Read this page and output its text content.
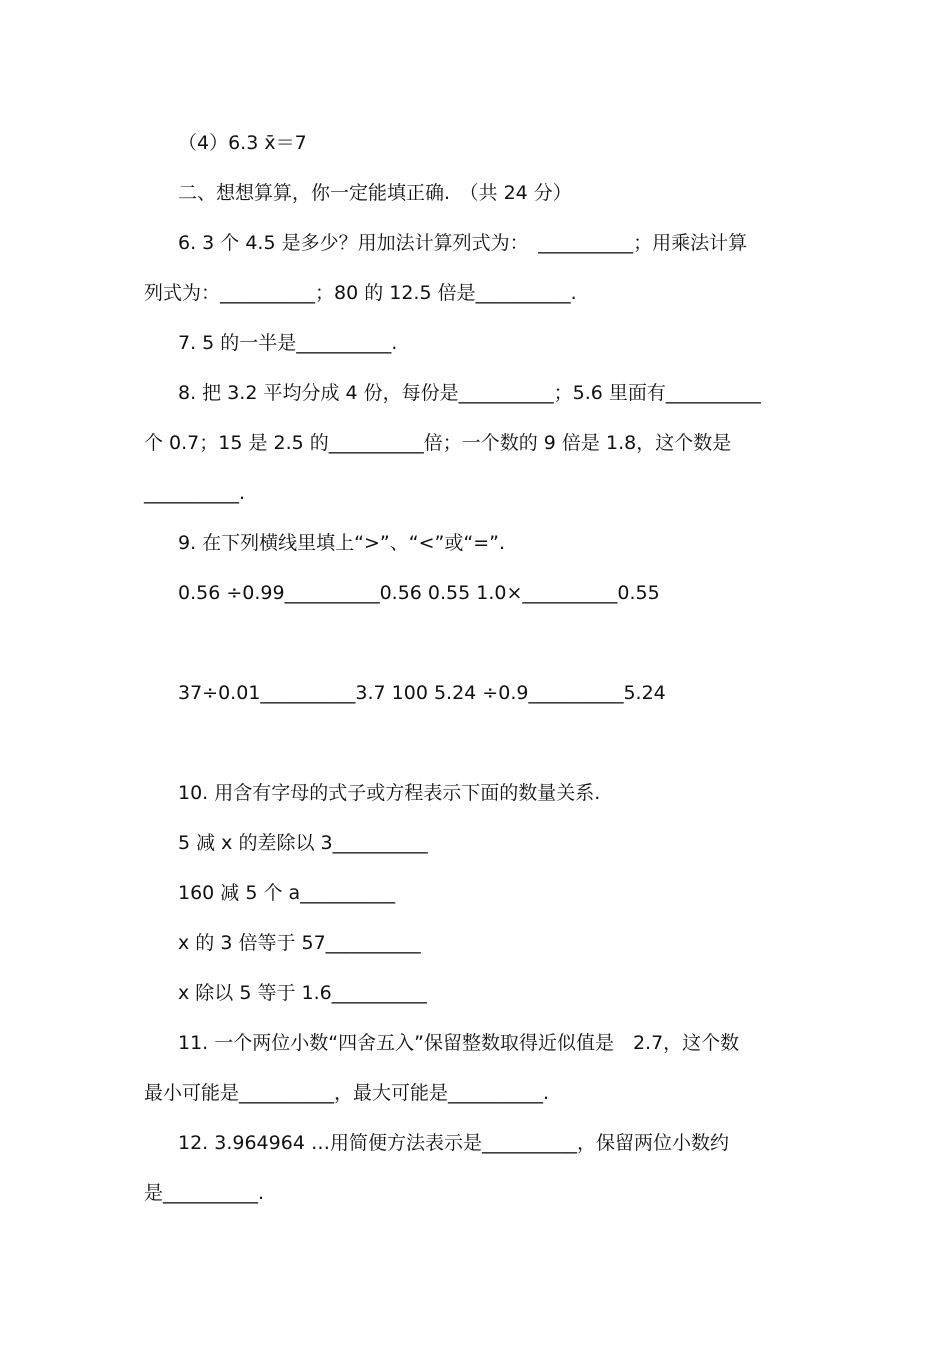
（4）6.3 x̄＝7
二、想想算算，你一定能填正确.　（共 24 分）
6. 3 个 4.5 是多少？用加法计算列式为：　__________；用乘法计算
列式为：__________；80 的 12.5 倍是__________.
7. 5 的一半是__________.
8. 把 3.2 平均分成 4 份，每份是__________；5.6 里面有__________
个 0.7；15 是 2.5 的__________倍；一个数的 9 倍是 1.8，这个数是
__________.
9. 在下列横线里填上“>”、“<”或“=”.
0.56 ÷0.99__________0.56 0.55 1.0×__________0.55
37÷0.01__________3.7 100 5.24 ÷0.9__________5.24
10. 用含有字母的式子或方程表示下面的数量关系.
5 减 x 的差除以 3__________
160 减 5 个 a__________
x 的 3 倍等于 57__________
x 除以 5 等于 1.6__________
11. 一个两位小数“四舍五入”保留整数取得近似值是　2.7，这个数
最小可能是__________，最大可能是__________.
12. 3.964964 …用简便方法表示是__________，保留两位小数约
是__________.
